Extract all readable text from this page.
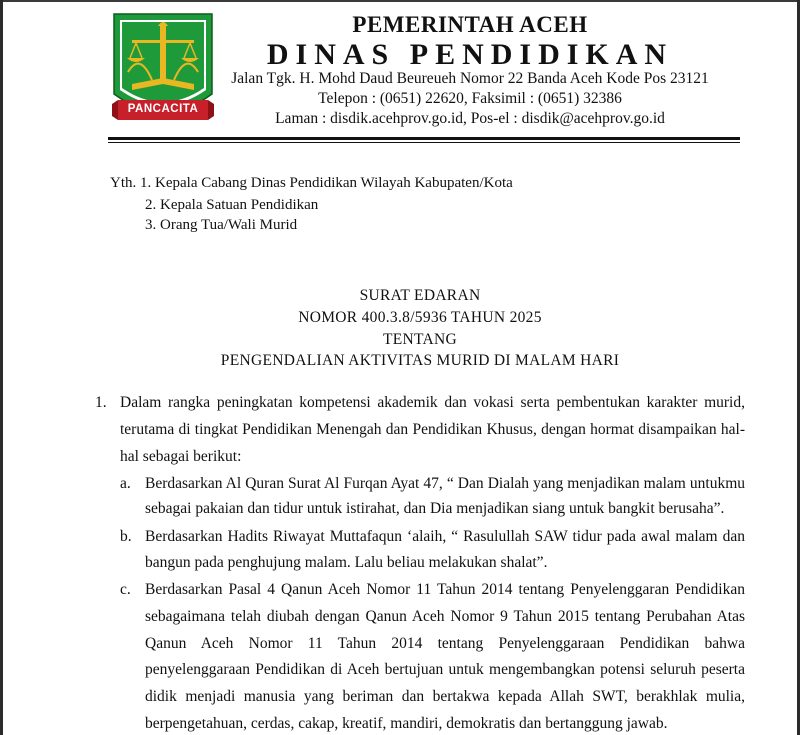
PANCACITA
PEMERINTAH ACEH
DINAS PENDIDIKAN
Jalan Tgk. H. Mohd Daud Beureueh Nomor 22 Banda Aceh Kode Pos 23121
Telepon : (0651) 22620, Faksimil : (0651) 32386
Laman : disdik.acehprov.go.id, Pos-el : disdik@acehprov.go.id
Yth. 1. Kepala Cabang Dinas Pendidikan Wilayah Kabupaten/Kota
2. Kepala Satuan Pendidikan
3. Orang Tua/Wali Murid
SURAT EDARAN
NOMOR 400.3.8/5936 TAHUN 2025
TENTANG
PENGENDALIAN AKTIVITAS MURID DI MALAM HARI
1. Dalam rangka peningkatan kompetensi akademik dan vokasi serta pembentukan karakter murid,
terutama di tingkat Pendidikan Menengah dan Pendidikan Khusus, dengan hormat disampaikan hal-
hal sebagai berikut:
a. Berdasarkan Al Quran Surat Al Furqan Ayat 47, “ Dan Dialah yang menjadikan malam untukmu
sebagai pakaian dan tidur untuk istirahat, dan Dia menjadikan siang untuk bangkit berusaha”.
b. Berdasarkan Hadits Riwayat Muttafaqun ‘alaih, “ Rasulullah SAW tidur pada awal malam dan
bangun pada penghujung malam. Lalu beliau melakukan shalat”.
c. Berdasarkan Pasal 4 Qanun Aceh Nomor 11 Tahun 2014 tentang Penyelenggaran Pendidikan
sebagaimana telah diubah dengan Qanun Aceh Nomor 9 Tahun 2015 tentang Perubahan Atas
Qanun Aceh Nomor 11 Tahun 2014 tentang Penyelenggaraan Pendidikan bahwa
penyelenggaraan Pendidikan di Aceh bertujuan untuk mengembangkan potensi seluruh peserta
didik menjadi manusia yang beriman dan bertakwa kepada Allah SWT, berakhlak mulia,
berpengetahuan, cerdas, cakap, kreatif, mandiri, demokratis dan bertanggung jawab.
